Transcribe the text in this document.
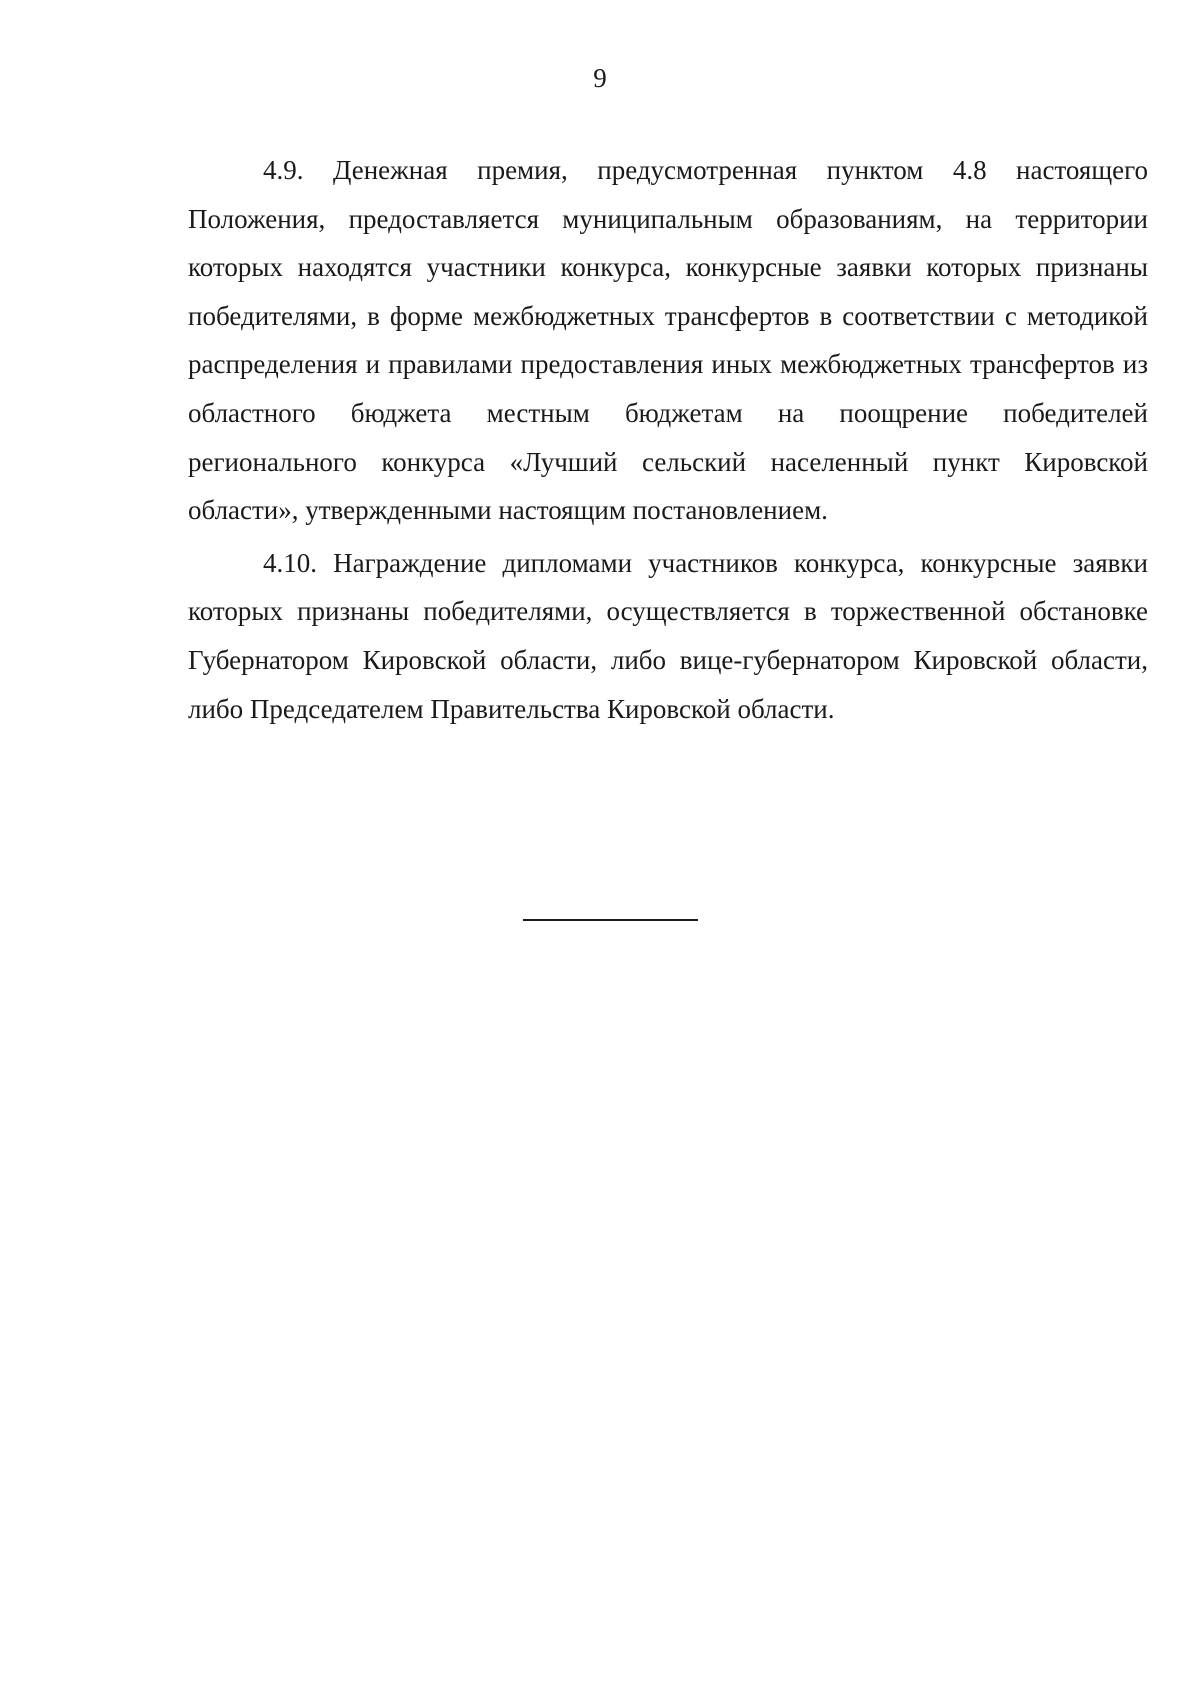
9

4.9. Денежная премия, предусмотренная пунктом 4.8 настоящего Положения, предоставляется муниципальным образованиям, на территории которых находятся участники конкурса, конкурсные заявки которых признаны победителями, в форме межбюджетных трансфертов в соответствии с методикой распределения и правилами предоставления иных межбюджетных трансфертов из областного бюджета местным бюджетам на поощрение победителей регионального конкурса «Лучший сельский населенный пункт Кировской области», утвержденными настоящим постановлением.

4.10. Награждение дипломами участников конкурса, конкурсные заявки которых признаны победителями, осуществляется в торжественной обстановке Губернатором Кировской области, либо вице-губернатором Кировской области, либо Председателем Правительства Кировской области.
